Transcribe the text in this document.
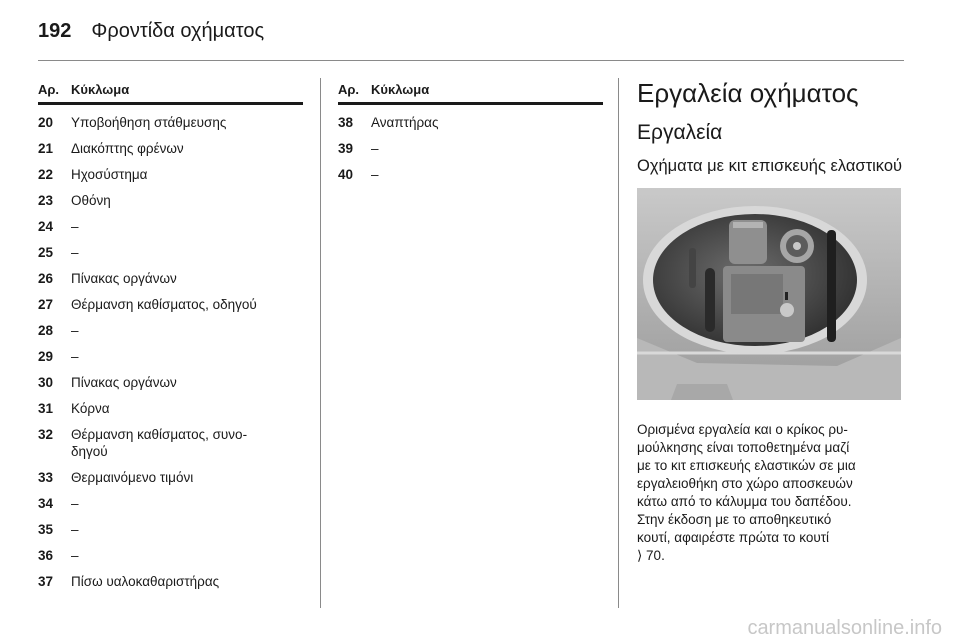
192 Φροντίδα οχήματος
Αρ. Κύκλωμα
20	Υποβοήθηση στάθμευσης
21	Διακόπτης φρένων
22	Ηχοσύστημα
23	Οθόνη
24	–
25	–
26	Πίνακας οργάνων
27	Θέρμανση καθίσματος, οδηγού
28	–
29	–
30	Πίνακας οργάνων
31	Κόρνα
32	Θέρμανση καθίσματος, συνο-
δηγού
33	Θερμαινόμενο τιμόνι
34	–
35	–
36	–
37	Πίσω υαλοκαθαριστήρας
Αρ. Κύκλωμα
38	Αναπτήρας
39	–
40	–
Εργαλεία οχήματος
Εργαλεία
Οχήματα με κιτ επισκευής ελαστικού

Ορισμένα εργαλεία και ο κρίκος ρυ-
μούλκησης είναι τοποθετημένα μαζί
με το κιτ επισκευής ελαστικών σε μια
εργαλειοθήκη στο χώρο αποσκευών
κάτω από το κάλυμμα του δαπέδου.
Στην έκδοση με το αποθηκευτικό
κουτί, αφαιρέστε πρώτα το κουτί
⟩ 70.

carmanualsonline.info
